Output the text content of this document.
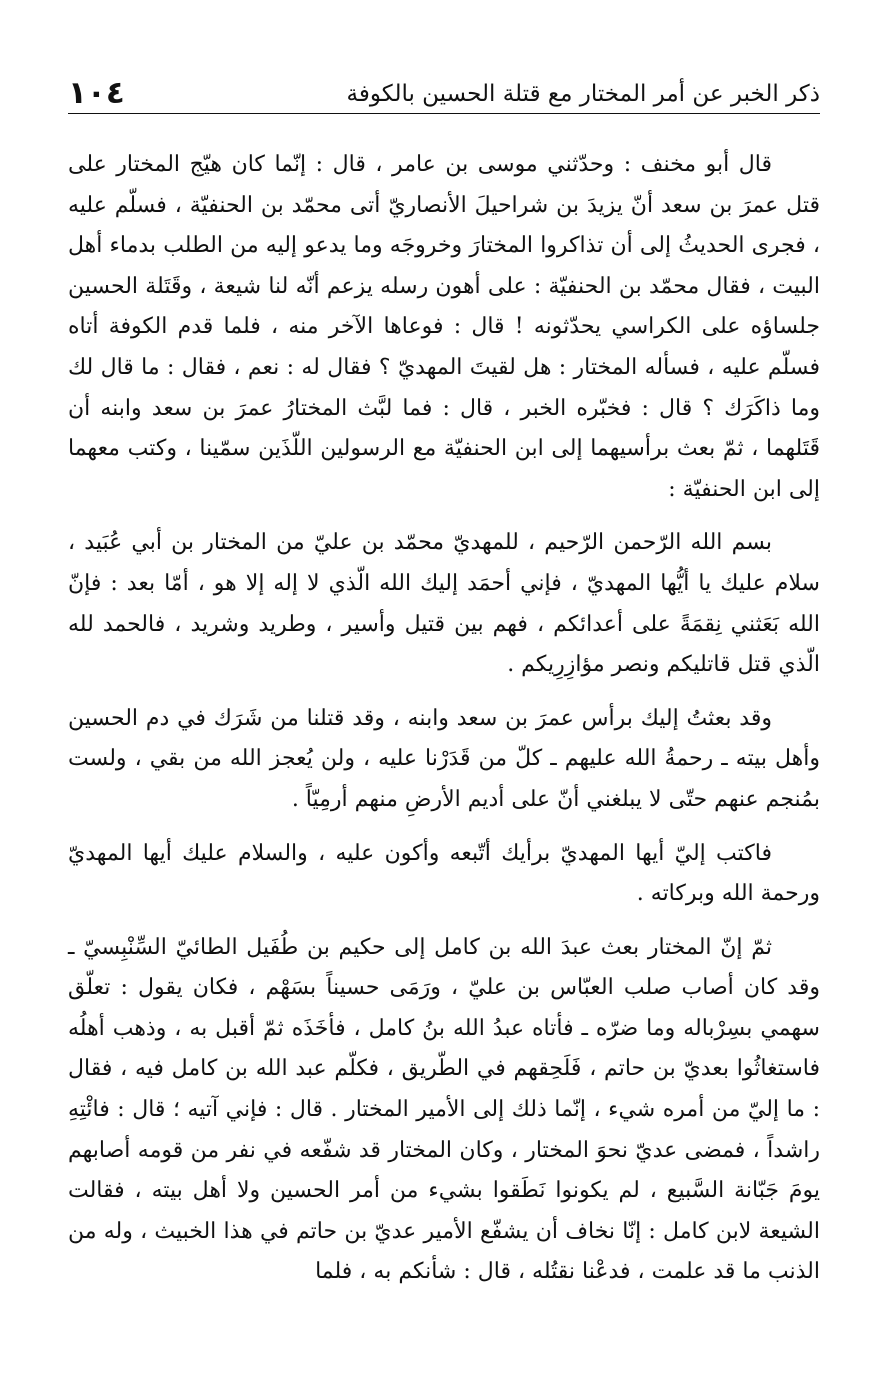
ذكر الخبر عن أمر المختار مع قتلة الحسين بالكوفة
١٠٤

قال أبو مخنف : وحدّثني موسى بن عامر ، قال : إنّما كان هيّج المختار على قتل عمرَ بن سعد أنّ يزيدَ بن شراحيلَ الأنصاريّ أتى محمّد بن الحنفيّة ، فسلّم عليه ، فجرى الحديثُ إلى أن تذاكروا المختارَ وخروجَه وما يدعو إليه من الطلب بدماء أهل البيت ، فقال محمّد بن الحنفيّة : على أهون رسله يزعم أنّه لنا شيعة ، وقَتَلة الحسين جلساؤه على الكراسي يحدّثونه ! قال : فوعاها الآخر منه ، فلما قدم الكوفة أتاه فسلّم عليه ، فسأله المختار : هل لقيتَ المهديّ ؟ فقال له : نعم ، فقال : ما قال لك وما ذاكَرَك ؟ قال : فخبّره الخبر ، قال : فما لبَّث المختارُ عمرَ بن سعد وابنه أن قَتَلهما ، ثمّ بعث برأسيهما إلى ابن الحنفيّة مع الرسولين اللّذَين سمّينا ، وكتب معهما إلى ابن الحنفيّة :

بسم الله الرّحمن الرّحيم ، للمهديّ محمّد بن عليّ من المختار بن أبي عُبَيد ، سلام عليك يا أيُّها المهديّ ، فإني أحمَد إليك الله الّذي لا إله إلا هو ، أمّا بعد : فإنّ الله بَعَثني نِقمَةً على أعدائكم ، فهم بين قتيل وأسير ، وطريد وشريد ، فالحمد لله الّذي قتل قاتليكم ونصر مؤازِرِيكم .

وقد بعثتُ إليك برأس عمرَ بن سعد وابنه ، وقد قتلنا من شَرَك في دم الحسين وأهل بيته ـ رحمةُ الله عليهم ـ كلّ من قَدَرْنا عليه ، ولن يُعجز الله من بقي ، ولست بمُنجم عنهم حتّى لا يبلغني أنّ على أديم الأرضِ منهم أرمِيّاً .

فاكتب إليّ أيها المهديّ برأيك أتّبعه وأكون عليه ، والسلام عليك أيها المهديّ ورحمة الله وبركاته .

ثمّ إنّ المختار بعث عبدَ الله بن كامل إلى حكيم بن طُفَيل الطائيّ السِّنْبِسيّ ـ وقد كان أصاب صلب العبّاس بن عليّ ، ورَمَى حسيناً بسَهْم ، فكان يقول : تعلّق سهمي بسِرْباله وما ضرّه ـ فأتاه عبدُ الله بنُ كامل ، فأخَذَه ثمّ أقبل به ، وذهب أهلُه فاستغاثُوا بعديّ بن حاتم ، فَلَحِقهم في الطّريق ، فكلّم عبد الله بن كامل فيه ، فقال : ما إليّ من أمره شيء ، إنّما ذلك إلى الأمير المختار . قال : فإني آتيه ؛ قال : فائْتِهِ راشداً ، فمضى عديّ نحوَ المختار ، وكان المختار قد شفّعه في نفر من قومه أصابهم يومَ جَبّانة السَّبيع ، لم يكونوا نَطَقوا بشيء من أمر الحسين ولا أهل بيته ، فقالت الشيعة لابن كامل : إنّا نخاف أن يشفّع الأمير عديّ بن حاتم في هذا الخبيث ، وله من الذنب ما قد علمت ، فدعْنا نقتُله ، قال : شأنكم به ، فلما
